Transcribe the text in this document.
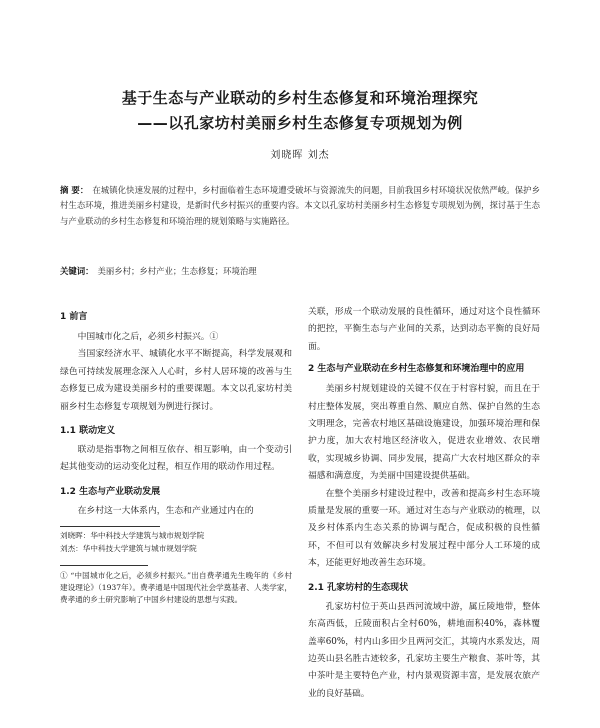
基于生态与产业联动的乡村生态修复和环境治理探究
——以孔家坊村美丽乡村生态修复专项规划为例
刘晓晖 刘杰
摘 要： 在城镇化快速发展的过程中，乡村面临着生态环境遭受破坏与资源流失的问题，目前我国乡村环境状况依然严峻。保护乡村生态环境，推进美丽乡村建设，是新时代乡村振兴的重要内容。本文以孔家坊村美丽乡村生态修复专项规划为例，探讨基于生态与产业联动的乡村生态修复和环境治理的规划策略与实施路径。
关键词： 美丽乡村；乡村产业；生态修复；环境治理
1 前言

中国城市化之后，必须乡村振兴。①

当国家经济水平、城镇化水平不断提高，科学发展观和绿色可持续发展理念深入人心时，乡村人居环境的改善与生态修复已成为建设美丽乡村的重要课题。本文以孔家坊村美丽乡村生态修复专项规划为例进行探讨。

1.1 联动定义

联动是指事物之间相互依存、相互影响，由一个变动引起其他变动的运动变化过程，相互作用的联动作用过程。

1.2 生态与产业联动发展

在乡村这一大体系内，生态和产业通过内在的

刘晓晖：华中科技大学建筑与城市规划学院

刘杰：华中科技大学建筑与城市规划学院

① “中国城市化之后，必须乡村振兴。”出自费孝通先生晚年的《乡村建设理论》（1937年）。费孝通是中国现代社会学奠基者、人类学家，费孝通的乡土研究影响了中国乡村建设的思想与实践。

关联，形成一个联动发展的良性循环，通过对这个良性循环的把控，平衡生态与产业间的关系，达到动态平衡的良好局面。

2 生态与产业联动在乡村生态修复和环境治理中的应用

美丽乡村规划建设的关键不仅在于村容村貌，而且在于村庄整体发展，突出尊重自然、顺应自然、保护自然的生态文明理念，完善农村地区基础设施建设，加强环境治理和保护力度，加大农村地区经济收入，促进农业增效、农民增收，实现城乡协调、同步发展，提高广大农村地区群众的幸福感和满意度，为美丽中国建设提供基础。

在整个美丽乡村建设过程中，改善和提高乡村生态环境质量是发展的重要一环。通过对生态与产业联动的梳理，以及乡村体系内生态关系的协调与配合，促成积极的良性循环，不但可以有效解决乡村发展过程中部分人工环境的成本，还能更好地改善生态环境。

2.1 孔家坊村的生态现状

孔家坊村位于英山县西河流域中游，属丘陵地带，整体东高西低，丘陵面积占全村60%，耕地面积40%，森林覆盖率60%，村内山多田少且两河交汇，其境内水系发达，周边英山县名胜古迹较多，孔家坊主要生产粮食、茶叶等，其中茶叶是主要特色产业，村内景观资源丰富，是发展农旅产业的良好基础。
